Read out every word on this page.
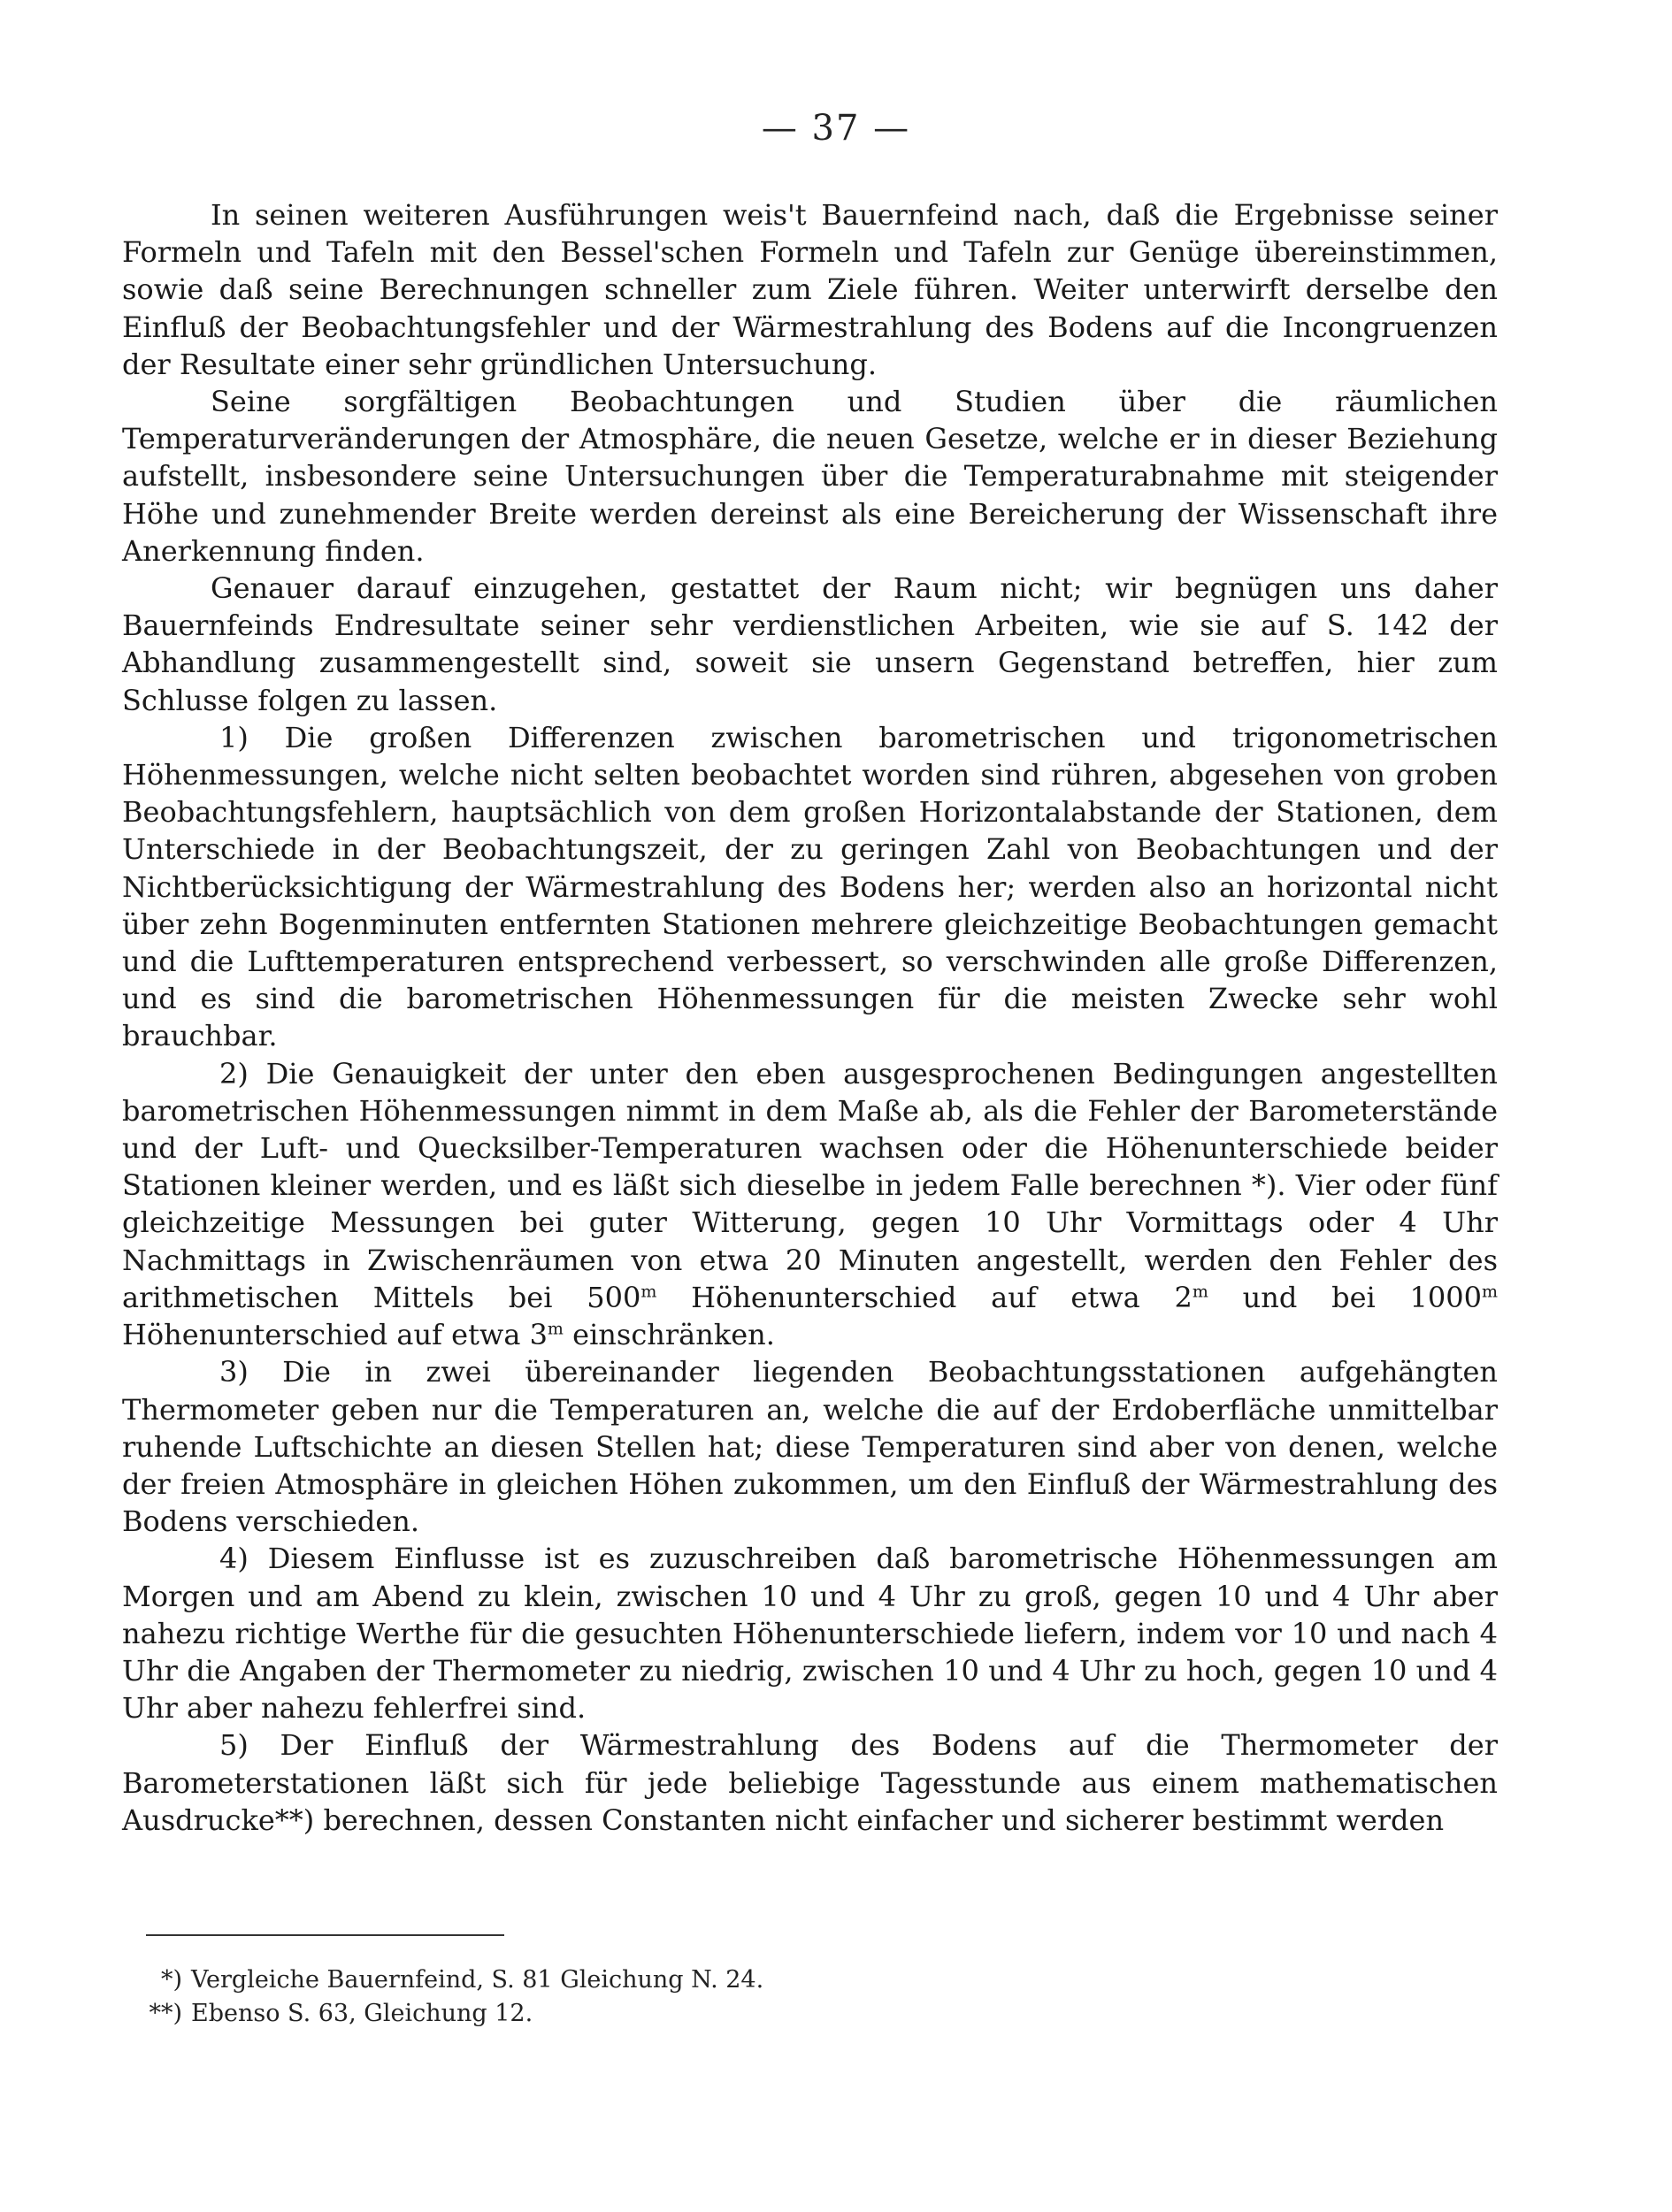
— 37 —

In seinen weiteren Ausführungen weis't Bauernfeind nach, daß die Ergebnisse seiner Formeln und Tafeln mit den Bessel'schen Formeln und Tafeln zur Genüge übereinstimmen, sowie daß seine Berechnungen schneller zum Ziele führen. Weiter unterwirft derselbe den Einfluß der Beobachtungsfehler und der Wärmestrahlung des Bodens auf die Incongruenzen der Resultate einer sehr gründlichen Untersuchung.

Seine sorgfältigen Beobachtungen und Studien über die räumlichen Temperaturveränderungen der Atmosphäre, die neuen Gesetze, welche er in dieser Beziehung aufstellt, insbesondere seine Untersuchungen über die Temperaturabnahme mit steigender Höhe und zunehmender Breite werden dereinst als eine Bereicherung der Wissenschaft ihre Anerkennung finden.

Genauer darauf einzugehen, gestattet der Raum nicht; wir begnügen uns daher Bauernfeinds Endresultate seiner sehr verdienstlichen Arbeiten, wie sie auf S. 142 der Abhandlung zusammengestellt sind, soweit sie unsern Gegenstand betreffen, hier zum Schlusse folgen zu lassen.

1) Die großen Differenzen zwischen barometrischen und trigonometrischen Höhenmessungen, welche nicht selten beobachtet worden sind rühren, abgesehen von groben Beobachtungsfehlern, hauptsächlich von dem großen Horizontalabstande der Stationen, dem Unterschiede in der Beobachtungszeit, der zu geringen Zahl von Beobachtungen und der Nichtberücksichtigung der Wärmestrahlung des Bodens her; werden also an horizontal nicht über zehn Bogenminuten entfernten Stationen mehrere gleichzeitige Beobachtungen gemacht und die Lufttemperaturen entsprechend verbessert, so verschwinden alle große Differenzen, und es sind die barometrischen Höhenmessungen für die meisten Zwecke sehr wohl brauchbar.

2) Die Genauigkeit der unter den eben ausgesprochenen Bedingungen angestellten barometrischen Höhenmessungen nimmt in dem Maße ab, als die Fehler der Barometerstände und der Luft- und Quecksilber-Temperaturen wachsen oder die Höhenunterschiede beider Stationen kleiner werden, und es läßt sich dieselbe in jedem Falle berechnen *). Vier oder fünf gleichzeitige Messungen bei guter Witterung, gegen 10 Uhr Vormittags oder 4 Uhr Nachmittags in Zwischenräumen von etwa 20 Minuten angestellt, werden den Fehler des arithmetischen Mittels bei 500$^m$ Höhenunterschied auf etwa 2$^m$ und bei 1000$^m$ Höhenunterschied auf etwa 3$^m$ einschränken.

3) Die in zwei übereinander liegenden Beobachtungsstationen aufgehängten Thermometer geben nur die Temperaturen an, welche die auf der Erdoberfläche unmittelbar ruhende Luftschichte an diesen Stellen hat; diese Temperaturen sind aber von denen, welche der freien Atmosphäre in gleichen Höhen zukommen, um den Einfluß der Wärmestrahlung des Bodens verschieden.

4) Diesem Einflusse ist es zuzuschreiben daß barometrische Höhenmessungen am Morgen und am Abend zu klein, zwischen 10 und 4 Uhr zu groß, gegen 10 und 4 Uhr aber nahezu richtige Werthe für die gesuchten Höhenunterschiede liefern, indem vor 10 und nach 4 Uhr die Angaben der Thermometer zu niedrig, zwischen 10 und 4 Uhr zu hoch, gegen 10 und 4 Uhr aber nahezu fehlerfrei sind.

5) Der Einfluß der Wärmestrahlung des Bodens auf die Thermometer der Barometerstationen läßt sich für jede beliebige Tagesstunde aus einem mathematischen Ausdrucke**) berechnen, dessen Constanten nicht einfacher und sicherer bestimmt werden

*) Vergleiche Bauernfeind, S. 81 Gleichung N. 24.

**) Ebenso S. 63, Gleichung 12.
